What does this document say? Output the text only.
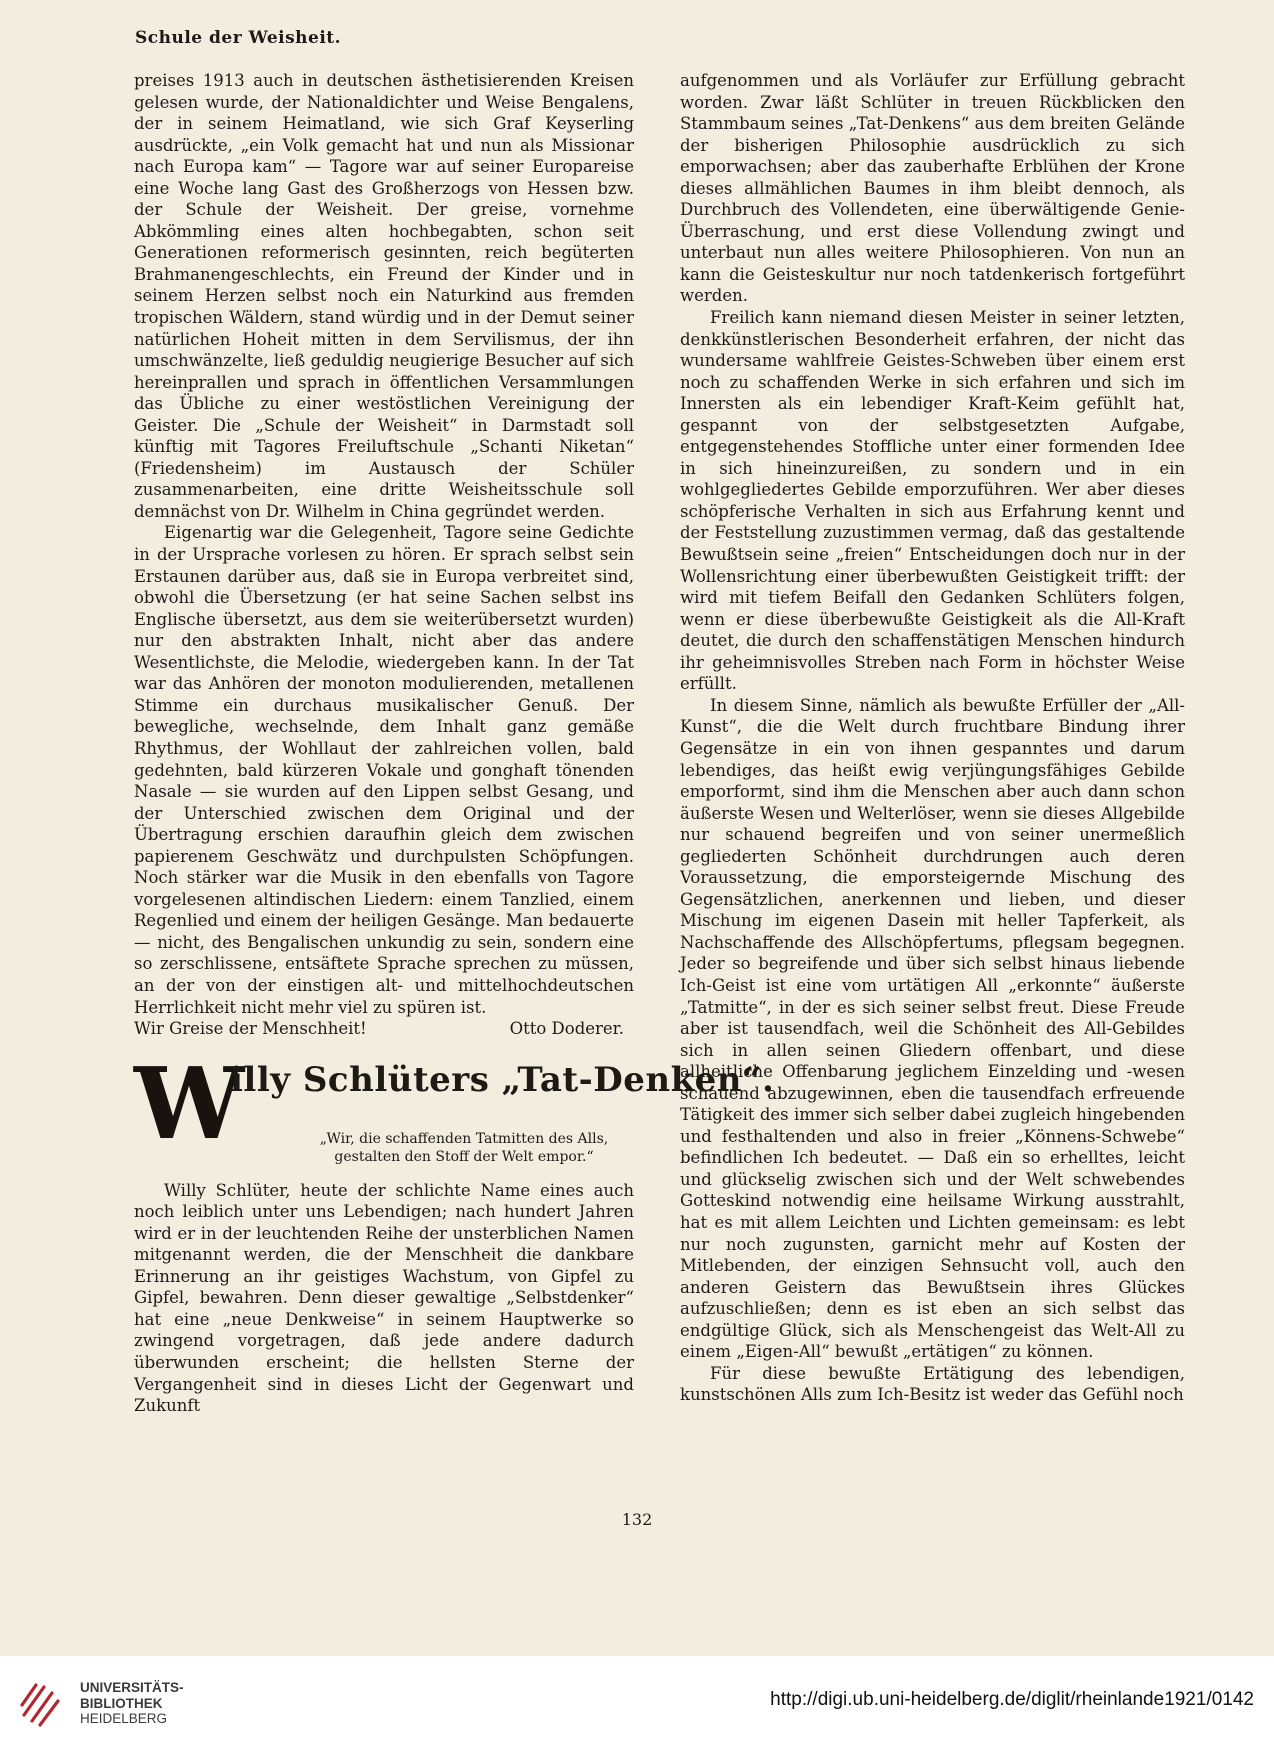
Schule der Weisheit.

preises 1913 auch in deutschen ästhetisierenden Kreisen gelesen wurde, der Nationaldichter und Weise Bengalens, der in seinem Heimatland, wie sich Graf Keyserling ausdrückte, „ein Volk gemacht hat und nun als Missionar nach Europa kam“ — Tagore war auf seiner Europareise eine Woche lang Gast des Großherzogs von Hessen bzw. der Schule der Weisheit. Der greise, vornehme Abkömmling eines alten hochbegabten, schon seit Generationen reformerisch gesinnten, reich begüterten Brahmanengeschlechts, ein Freund der Kinder und in seinem Herzen selbst noch ein Naturkind aus fremden tropischen Wäldern, stand würdig und in der Demut seiner natürlichen Hoheit mitten in dem Servilismus, der ihn umschwänzelte, ließ geduldig neugierige Besucher auf sich hereinprallen und sprach in öffentlichen Versammlungen das Übliche zu einer westöstlichen Vereinigung der Geister. Die „Schule der Weisheit“ in Darmstadt soll künftig mit Tagores Freiluftschule „Schanti Niketan“ (Friedensheim) im Austausch der Schüler zusammenarbeiten, eine dritte Weisheitsschule soll demnächst von Dr. Wilhelm in China gegründet werden.

Eigenartig war die Gelegenheit, Tagore seine Gedichte in der Ursprache vorlesen zu hören. Er sprach selbst sein Erstaunen darüber aus, daß sie in Europa verbreitet sind, obwohl die Übersetzung (er hat seine Sachen selbst ins Englische übersetzt, aus dem sie weiterübersetzt wurden) nur den abstrakten Inhalt, nicht aber das andere Wesentlichste, die Melodie, wiedergeben kann. In der Tat war das Anhören der monoton modulierenden, metallenen Stimme ein durchaus musikalischer Genuß. Der bewegliche, wechselnde, dem Inhalt ganz gemäße Rhythmus, der Wohllaut der zahlreichen vollen, bald gedehnten, bald kürzeren Vokale und gonghaft tönenden Nasale — sie wurden auf den Lippen selbst Gesang, und der Unterschied zwischen dem Original und der Übertragung erschien daraufhin gleich dem zwischen papierenem Geschwätz und durchpulsten Schöpfungen. Noch stärker war die Musik in den ebenfalls von Tagore vorgelesenen altindischen Liedern: einem Tanzlied, einem Regenlied und einem der heiligen Gesänge. Man bedauerte — nicht, des Bengalischen unkundig zu sein, sondern eine so zerschlissene, entsäftete Sprache sprechen zu müssen, an der von der einstigen alt- und mittelhochdeutschen Herrlichkeit nicht mehr viel zu spüren ist.

Wir Greise der Menschheit!	Otto Doderer.
W
illy Schlüters „Tat-Denken“.
„Wir, die schaffenden Tatmitten des Alls,
gestalten den Stoff der Welt empor.“

Willy Schlüter, heute der schlichte Name eines auch noch leiblich unter uns Lebendigen; nach hundert Jahren wird er in der leuchtenden Reihe der unsterblichen Namen mitgenannt werden, die der Menschheit die dankbare Erinnerung an ihr geistiges Wachstum, von Gipfel zu Gipfel, bewahren. Denn dieser gewaltige „Selbstdenker“ hat eine „neue Denkweise“ in seinem Hauptwerke so zwingend vorgetragen, daß jede andere dadurch überwunden erscheint; die hellsten Sterne der Vergangenheit sind in dieses Licht der Gegenwart und Zukunft

aufgenommen und als Vorläufer zur Erfüllung gebracht worden. Zwar läßt Schlüter in treuen Rückblicken den Stammbaum seines „Tat-Denkens“ aus dem breiten Gelände der bisherigen Philosophie ausdrücklich zu sich emporwachsen; aber das zauberhafte Erblühen der Krone dieses allmählichen Baumes in ihm bleibt dennoch, als Durchbruch des Vollendeten, eine überwältigende Genie-Überraschung, und erst diese Vollendung zwingt und unterbaut nun alles weitere Philosophieren. Von nun an kann die Geisteskultur nur noch tatdenkerisch fortgeführt werden.

Freilich kann niemand diesen Meister in seiner letzten, denkkünstlerischen Besonderheit erfahren, der nicht das wundersame wahlfreie Geistes-Schweben über einem erst noch zu schaffenden Werke in sich erfahren und sich im Innersten als ein lebendiger Kraft-Keim gefühlt hat, gespannt von der selbstgesetzten Aufgabe, entgegenstehendes Stoffliche unter einer formenden Idee in sich hineinzureißen, zu sondern und in ein wohlgegliedertes Gebilde emporzuführen. Wer aber dieses schöpferische Verhalten in sich aus Erfahrung kennt und der Feststellung zuzustimmen vermag, daß das gestaltende Bewußtsein seine „freien“ Entscheidungen doch nur in der Wollensrichtung einer überbewußten Geistigkeit trifft: der wird mit tiefem Beifall den Gedanken Schlüters folgen, wenn er diese überbewußte Geistigkeit als die All-Kraft deutet, die durch den schaffenstätigen Menschen hindurch ihr geheimnisvolles Streben nach Form in höchster Weise erfüllt.

In diesem Sinne, nämlich als bewußte Erfüller der „All-Kunst“, die die Welt durch fruchtbare Bindung ihrer Gegensätze in ein von ihnen gespanntes und darum lebendiges, das heißt ewig verjüngungsfähiges Gebilde emporformt, sind ihm die Menschen aber auch dann schon äußerste Wesen und Welterlöser, wenn sie dieses Allgebilde nur schauend begreifen und von seiner unermeßlich gegliederten Schönheit durchdrungen auch deren Voraussetzung, die emporsteigernde Mischung des Gegensätzlichen, anerkennen und lieben, und dieser Mischung im eigenen Dasein mit heller Tapferkeit, als Nachschaffende des Allschöpfertums, pflegsam begegnen. Jeder so begreifende und über sich selbst hinaus liebende Ich-Geist ist eine vom urtätigen All „erkonnte“ äußerste „Tatmitte“, in der es sich seiner selbst freut. Diese Freude aber ist tausendfach, weil die Schönheit des All-Gebildes sich in allen seinen Gliedern offenbart, und diese allheitliche Offenbarung jeglichem Einzelding und -wesen schauend abzugewinnen, eben die tausendfach erfreuende Tätigkeit des immer sich selber dabei zugleich hingebenden und festhaltenden und also in freier „Könnens-Schwebe“ befindlichen Ich bedeutet. — Daß ein so erhelltes, leicht und glückselig zwischen sich und der Welt schwebendes Gotteskind notwendig eine heilsame Wirkung ausstrahlt, hat es mit allem Leichten und Lichten gemeinsam: es lebt nur noch zugunsten, garnicht mehr auf Kosten der Mitlebenden, der einzigen Sehnsucht voll, auch den anderen Geistern das Bewußtsein ihres Glückes aufzuschließen; denn es ist eben an sich selbst das endgültige Glück, sich als Menschengeist das Welt-All zu einem „Eigen-All“ bewußt „ertätigen“ zu können.

Für diese bewußte Ertätigung des lebendigen, kunstschönen Alls zum Ich-Besitz ist weder das Gefühl noch

132
UNIVERSITÄTS-
BIBLIOTHEK
HEIDELBERG
http://digi.ub.uni-heidelberg.de/diglit/rheinlande1921/0142
